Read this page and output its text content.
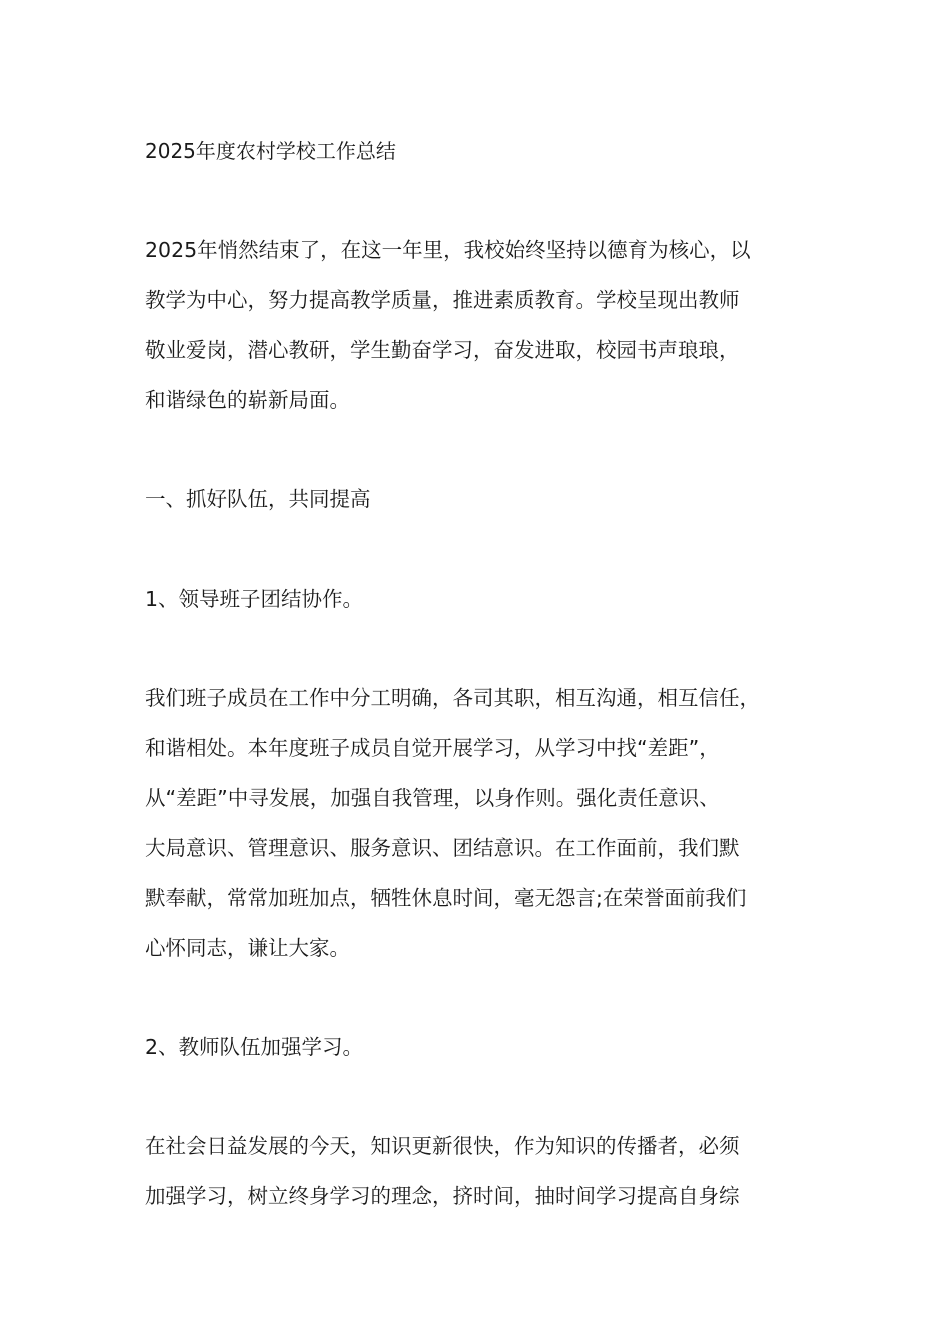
2025年度农村学校工作总结
2025年悄然结束了，在这一年里，我校始终坚持以德育为核心，以
教学为中心，努力提高教学质量，推进素质教育。学校呈现出教师
敬业爱岗，潜心教研，学生勤奋学习，奋发进取，校园书声琅琅，
和谐绿色的崭新局面。
一、抓好队伍，共同提高
1、领导班子团结协作。
我们班子成员在工作中分工明确，各司其职，相互沟通，相互信任，
和谐相处。本年度班子成员自觉开展学习，从学习中找“差距”，
从“差距”中寻发展，加强自我管理，以身作则。强化责任意识、
大局意识、管理意识、服务意识、团结意识。在工作面前，我们默
默奉献，常常加班加点，牺牲休息时间，毫无怨言;在荣誉面前我们
心怀同志，谦让大家。
2、教师队伍加强学习。
在社会日益发展的今天，知识更新很快，作为知识的传播者，必须
加强学习，树立终身学习的理念，挤时间，抽时间学习提高自身综
